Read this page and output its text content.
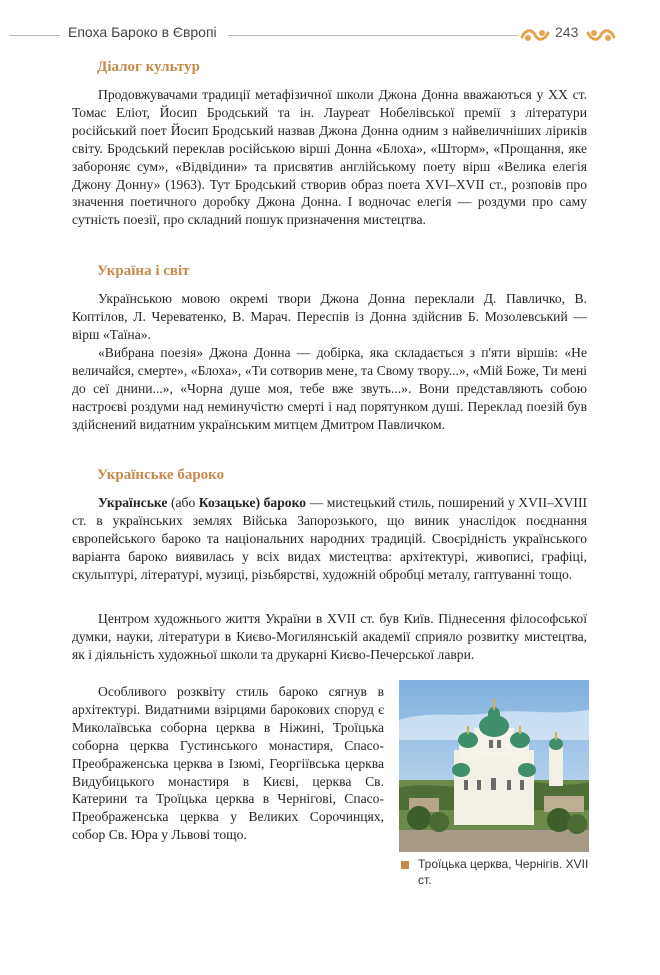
Епоха Бароко в Європі	243
Діалог культур

Продовжувачами традиції метафізичної школи Джона Донна вважаються у XX ст. Томас Еліот, Йосип Бродський та ін. Лауреат Нобелівської премії з літератури російський поет Йосип Бродський назвав Джона Донна одним з найвеличніших ліриків світу. Бродський переклав російською вірші Донна «Блоха», «Шторм», «Прощання, яке забороняє сум», «Відвідини» та присвятив англійському поету вірш «Велика елегія Джону Донну» (1963). Тут Бродський створив образ поета XVI–XVII ст., розповів про значення поетичного доробку Джона Донна. І водночас елегія — роздуми про саму сутність поезії, про складний пошук призначення мистецтва.

Україна і світ

Українською мовою окремі твори Джона Донна переклали Д. Павличко, В. Коптілов, Л. Череватенко, В. Марач. Переспів із Донна здійснив Б. Мозолевський — вірш «Таїна».

«Вибрана поезія» Джона Донна — добірка, яка складається з п'яти віршів: «Не величайся, смерте», «Блоха», «Ти сотворив мене, та Свому твору...», «Мій Боже, Ти мені до сеї днини...», «Чорна душе моя, тебе вже звуть...». Вони представляють собою настроєві роздуми над неминучістю смерті і над порятунком душі. Переклад поезій був здійснений видатним українським митцем Дмитром Павличком.

Українське бароко

Українське (або Козацьке) бароко — мистецький стиль, поширений у XVII–XVIII ст. в українських землях Війська Запорозького, що виник унаслідок поєднання європейського бароко та національних народних традицій. Своєрідність українського варіанта бароко виявилась у всіх видах мистецтва: архітектурі, живописі, графіці, скульптурі, літературі, музиці, різьбярстві, художній обробці металу, гаптуванні тощо.

Центром художнього життя України в XVII ст. був Київ. Піднесення філософської думки, науки, літератури в Києво-Могилянській академії сприяло розвитку мистецтва, як і діяльність художньої школи та друкарні Києво-Печерської лаври.

Особливого розквіту стиль бароко сягнув в архітектурі. Видатними взірцями барокових споруд є Миколаївська соборна церква в Ніжині, Троїцька соборна церква Густинського монастиря, Спасо-Преображенська церква в Ізюмі, Георгіївська церква Видубицького монастиря в Києві, церква Св. Катерини та Троїцька церква в Чернігові, Спасо-Преображенська церква у Великих Сорочинцях, собор Св. Юра у Львові тощо.

Троїцька церква, Чернігів. XVII ст.
